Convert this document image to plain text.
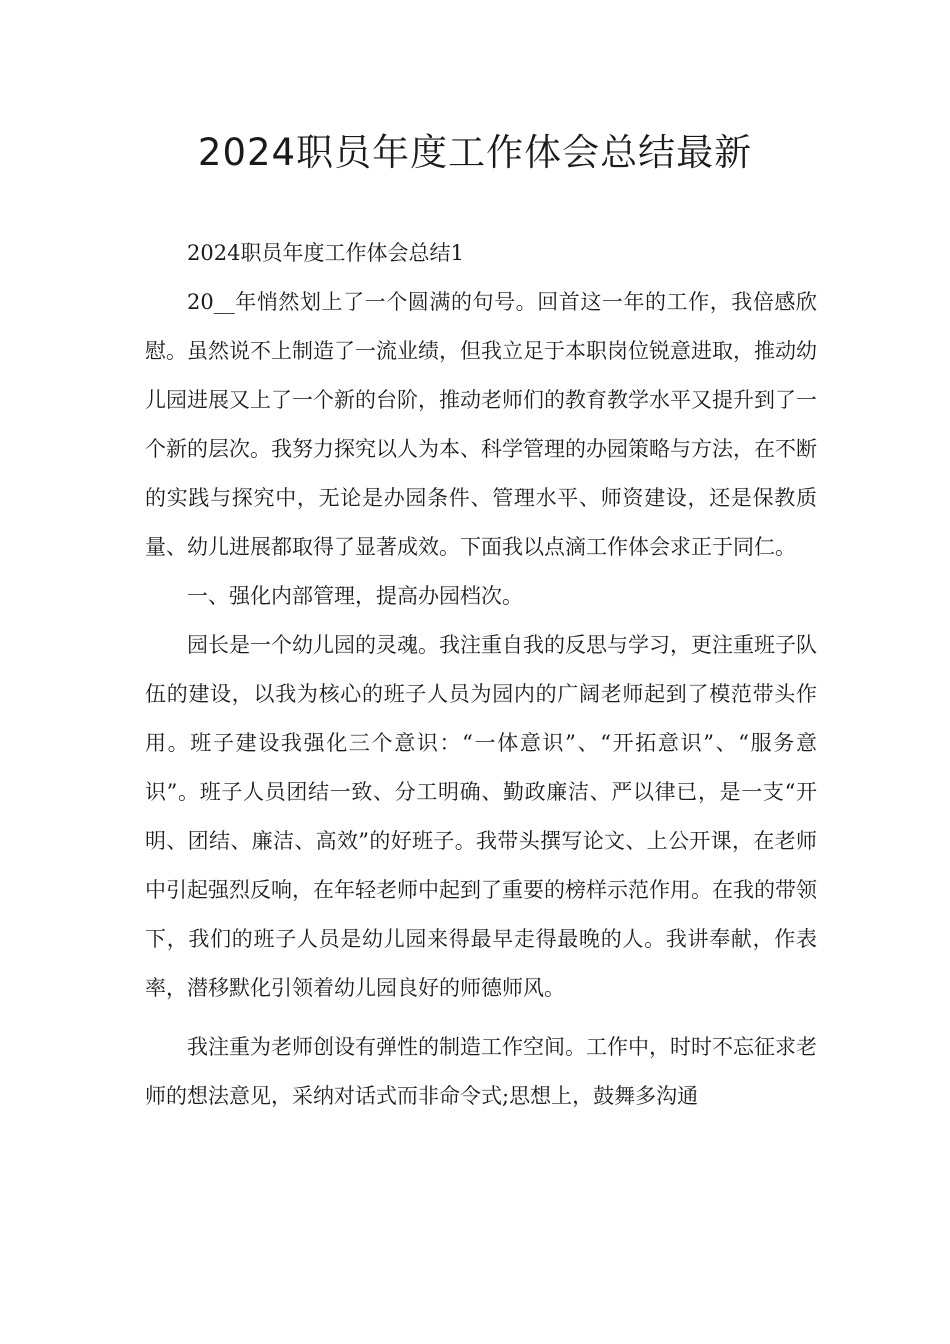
2024职员年度工作体会总结最新

2024职员年度工作体会总结1

20__年悄然划上了一个圆满的句号。回首这一年的工作，我倍感欣慰。虽然说不上制造了一流业绩，但我立足于本职岗位锐意进取，推动幼儿园进展又上了一个新的台阶，推动老师们的教育教学水平又提升到了一个新的层次。我努力探究以人为本、科学管理的办园策略与方法，在不断的实践与探究中，无论是办园条件、管理水平、师资建设，还是保教质量、幼儿进展都取得了显著成效。下面我以点滴工作体会求正于同仁。

一、强化内部管理，提高办园档次。

园长是一个幼儿园的灵魂。我注重自我的反思与学习，更注重班子队伍的建设，以我为核心的班子人员为园内的广阔老师起到了模范带头作用。班子建设我强化三个意识：“一体意识”、“开拓意识”、“服务意识”。班子人员团结一致、分工明确、勤政廉洁、严以律已，是一支“开明、团结、廉洁、高效”的好班子。我带头撰写论文、上公开课，在老师中引起强烈反响，在年轻老师中起到了重要的榜样示范作用。在我的带领下，我们的班子人员是幼儿园来得最早走得最晚的人。我讲奉献，作表率，潜移默化引领着幼儿园良好的师德师风。

我注重为老师创设有弹性的制造工作空间。工作中，时时不忘征求老师的想法意见，采纳对话式而非命令式;思想上，鼓舞多沟通
